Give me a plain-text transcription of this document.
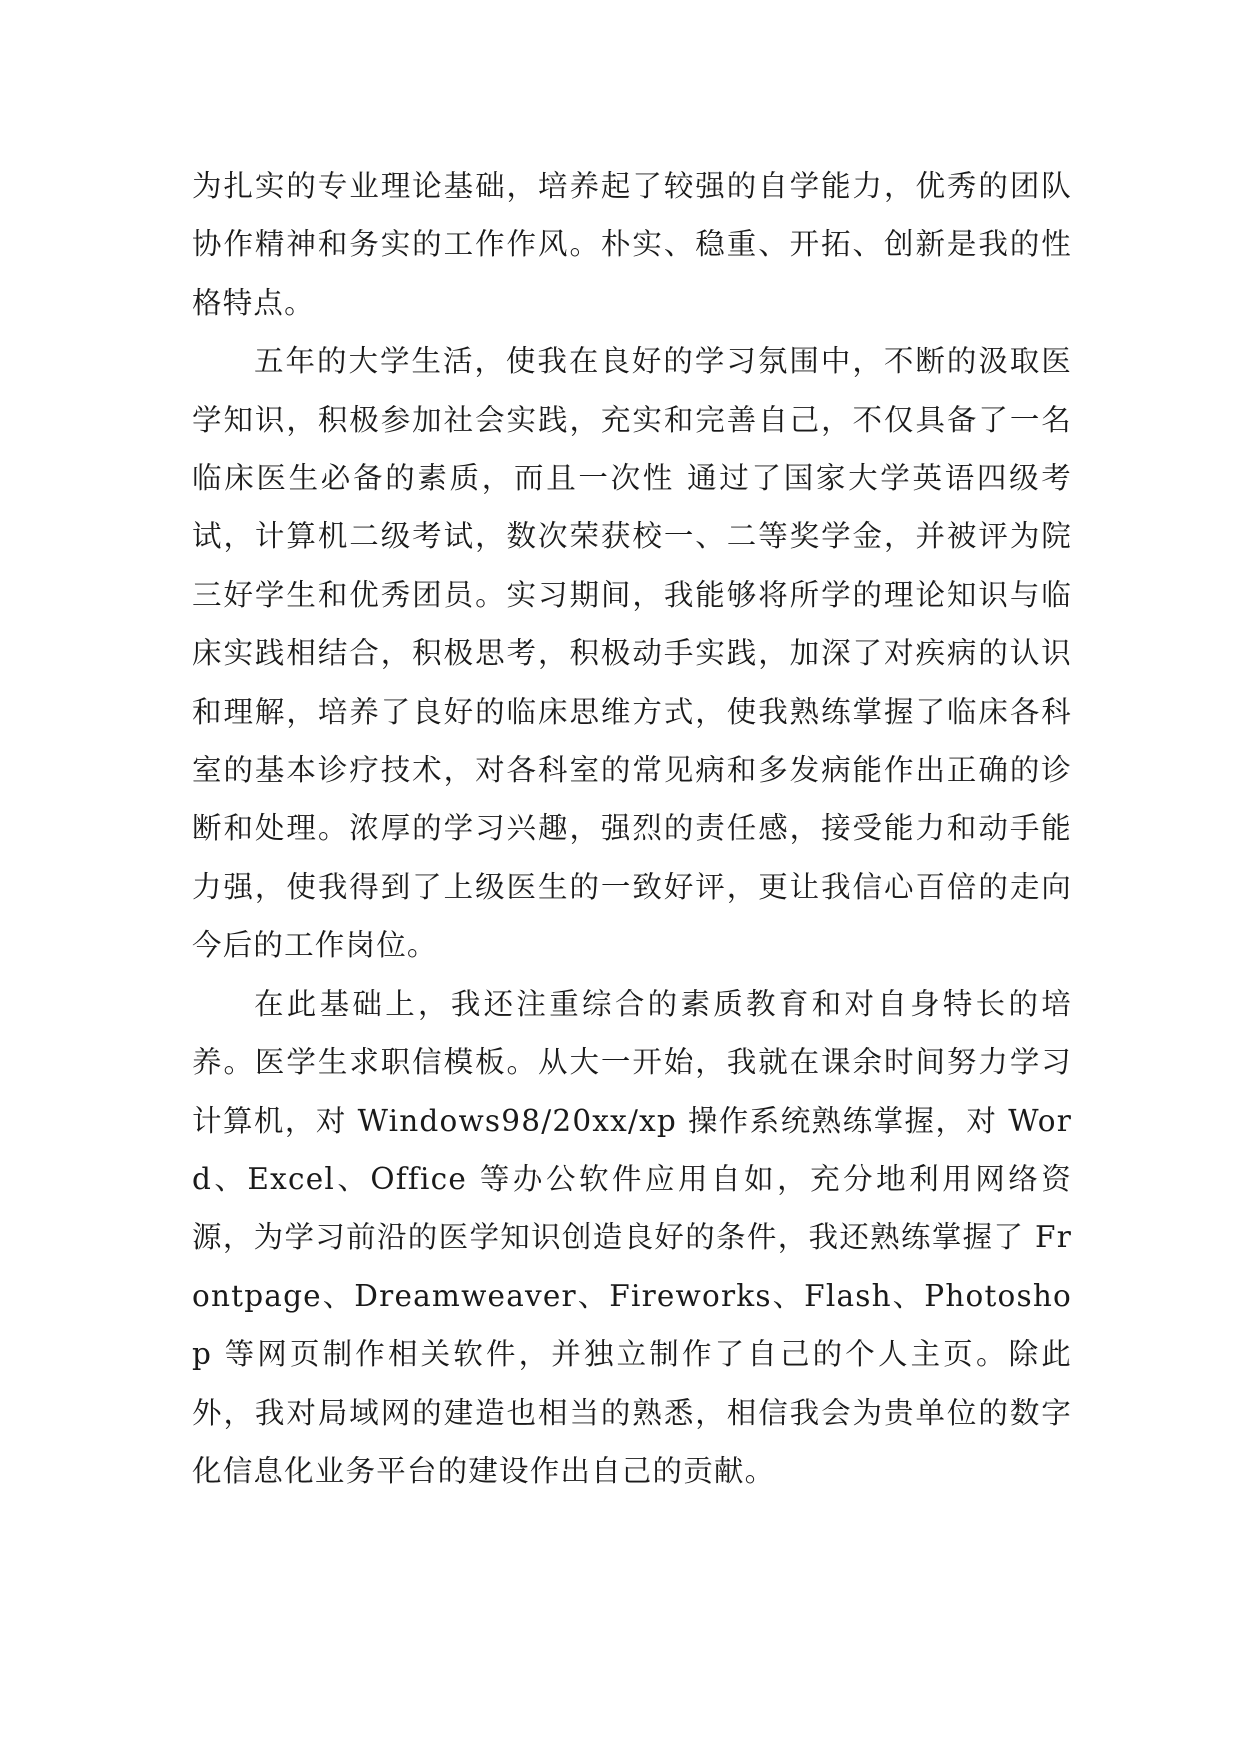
为扎实的专业理论基础，培养起了较强的自学能力，优秀的团队协作精神和务实的工作作风。朴实、稳重、开拓、创新是我的性格特点。

五年的大学生活，使我在良好的学习氛围中，不断的汲取医学知识，积极参加社会实践，充实和完善自己，不仅具备了一名临床医生必备的素质，而且一次性 通过了国家大学英语四级考试，计算机二级考试，数次荣获校一、二等奖学金，并被评为院三好学生和优秀团员。实习期间，我能够将所学的理论知识与临床实践相结合，积极思考，积极动手实践，加深了对疾病的认识和理解，培养了良好的临床思维方式，使我熟练掌握了临床各科室的基本诊疗技术，对各科室的常见病和多发病能作出正确的诊断和处理。浓厚的学习兴趣，强烈的责任感，接受能力和动手能力强，使我得到了上级医生的一致好评，更让我信心百倍的走向今后的工作岗位。

在此基础上，我还注重综合的素质教育和对自身特长的培养。医学生求职信模板。从大一开始，我就在课余时间努力学习计算机，对 Windows98/20xx/xp 操作系统熟练掌握，对 Word、Excel、Office 等办公软件应用自如，充分地利用网络资源，为学习前沿的医学知识创造良好的条件，我还熟练掌握了 Frontpage、Dreamweaver、Fireworks、Flash、Photoshop 等网页制作相关软件，并独立制作了自己的个人主页。除此外，我对局域网的建造也相当的熟悉，相信我会为贵单位的数字化信息化业务平台的建设作出自己的贡献。
